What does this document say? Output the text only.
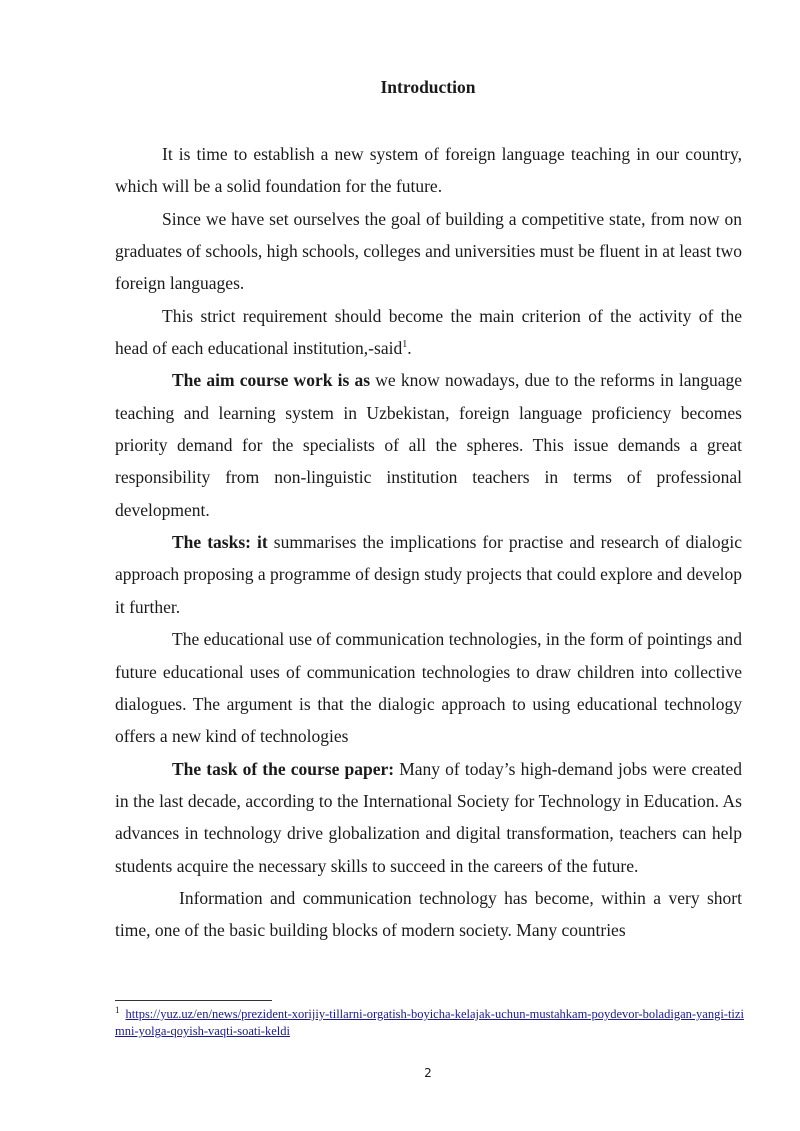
Introduction

It is time to establish a new system of foreign language teaching in our country, which will be a solid foundation for the future.

Since we have set ourselves the goal of building a competitive state, from now on graduates of schools, high schools, colleges and universities must be fluent in at least two foreign languages.

This strict requirement should become the main criterion of the activity of the head of each educational institution,-said$^1$.

The aim course work is as we know nowadays, due to the reforms in language teaching and learning system in Uzbekistan, foreign language proficiency becomes priority demand for the specialists of all the spheres. This issue demands a great responsibility from non-linguistic institution teachers in terms of professional development.

The tasks: it summarises the implications for practise and research of dialogic approach proposing a programme of design study projects that could explore and develop it further.

The educational use of communication technologies, in the form of pointings and future educational uses of communication technologies to draw children into collective dialogues. The argument is that the dialogic approach to using educational technology offers a new kind of technologies

The task of the course paper: Many of today’s high-demand jobs were created in the last decade, according to the International Society for Technology in Education. As advances in technology drive globalization and digital transformation, teachers can help students acquire the necessary skills to succeed in the careers of the future.

Information and communication technology has become, within a very short time, one of the basic building blocks of modern society. Many countries

$^1$ https://yuz.uz/en/news/prezident-xorijiy-tillarni-orgatish-boyicha-kelajak-uchun-mustahkam-poydevor-boladigan-yangi-tizimni-yolga-qoyish-vaqti-soati-keldi
2
